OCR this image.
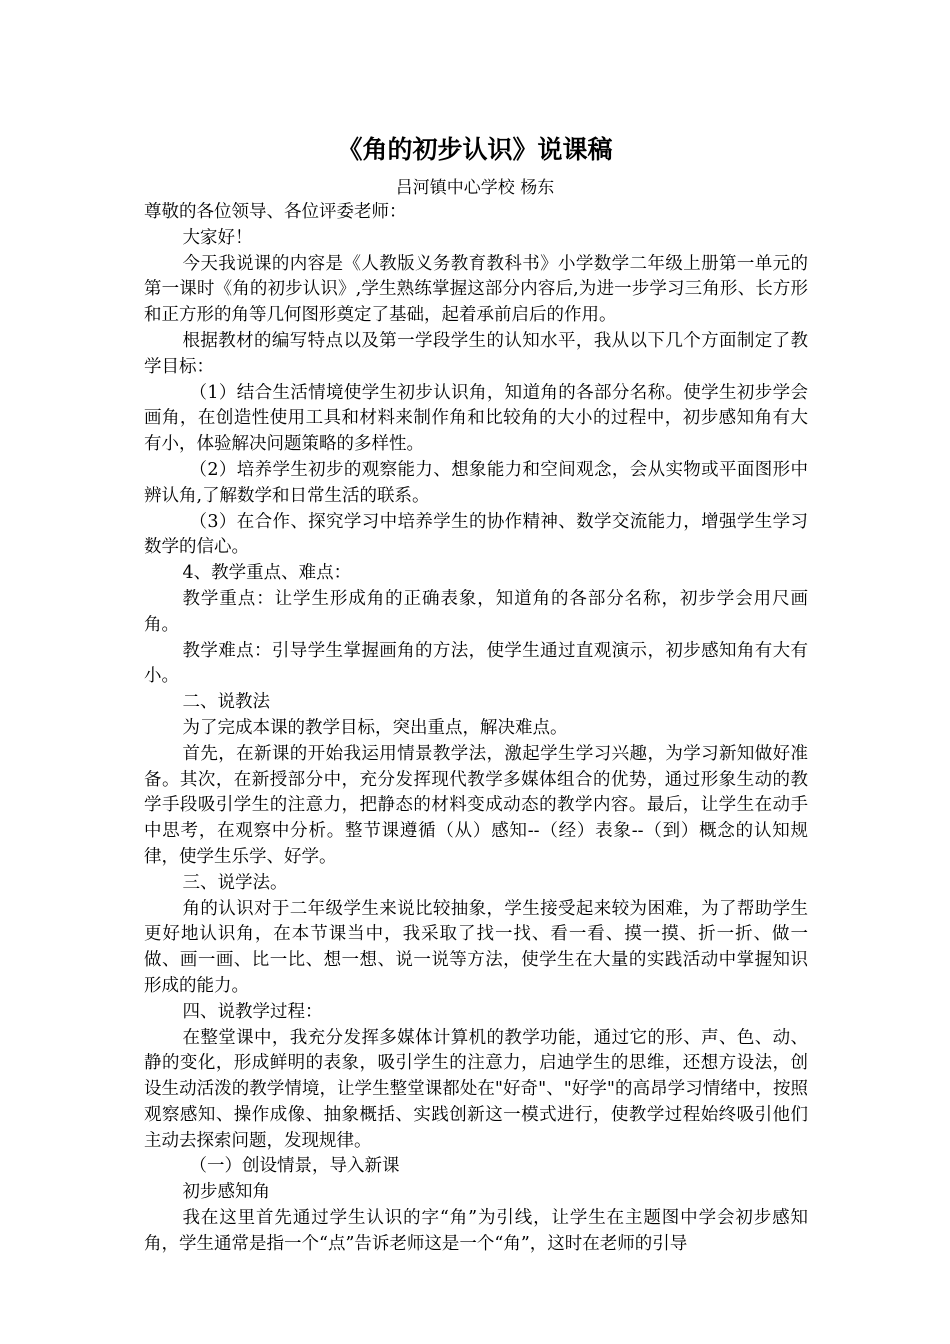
《角的初步认识》说课稿
吕河镇中心学校 杨东

尊敬的各位领导、各位评委老师：

大家好！

今天我说课的内容是《人教版义务教育教科书》小学数学二年级上册第一单元的第一课时《角的初步认识》,学生熟练掌握这部分内容后,为进一步学习三角形、长方形和正方形的角等几何图形奠定了基础，起着承前启后的作用。

根据教材的编写特点以及第一学段学生的认知水平，我从以下几个方面制定了教学目标：

（1）结合生活情境使学生初步认识角，知道角的各部分名称。使学生初步学会画角，在创造性使用工具和材料来制作角和比较角的大小的过程中，初步感知角有大有小，体验解决问题策略的多样性。

（2）培养学生初步的观察能力、想象能力和空间观念，会从实物或平面图形中辨认角,了解数学和日常生活的联系。

（3）在合作、探究学习中培养学生的协作精神、数学交流能力，增强学生学习数学的信心。

4、教学重点、难点：

教学重点：让学生形成角的正确表象，知道角的各部分名称，初步学会用尺画角。

教学难点：引导学生掌握画角的方法，使学生通过直观演示，初步感知角有大有小。

二、说教法

为了完成本课的教学目标，突出重点，解决难点。

首先，在新课的开始我运用情景教学法，激起学生学习兴趣，为学习新知做好准备。其次，在新授部分中，充分发挥现代教学多媒体组合的优势，通过形象生动的教学手段吸引学生的注意力，把静态的材料变成动态的教学内容。最后，让学生在动手中思考，在观察中分析。整节课遵循（从）感知--（经）表象--（到）概念的认知规律，使学生乐学、好学。

三、说学法。

角的认识对于二年级学生来说比较抽象，学生接受起来较为困难，为了帮助学生更好地认识角，在本节课当中，我采取了找一找、看一看、摸一摸、折一折、做一做、画一画、比一比、想一想、说一说等方法，使学生在大量的实践活动中掌握知识形成的能力。

四、说教学过程：

在整堂课中，我充分发挥多媒体计算机的教学功能，通过它的形、声、色、动、静的变化，形成鲜明的表象，吸引学生的注意力，启迪学生的思维，还想方设法，创设生动活泼的教学情境，让学生整堂课都处在"好奇"、"好学"的高昂学习情绪中，按照观察感知、操作成像、抽象概括、实践创新这一模式进行，使教学过程始终吸引他们主动去探索问题，发现规律。

（一）创设情景，导入新课

初步感知角

我在这里首先通过学生认识的字“角”为引线，让学生在主题图中学会初步感知角，学生通常是指一个“点”告诉老师这是一个“角”，这时在老师的引导
